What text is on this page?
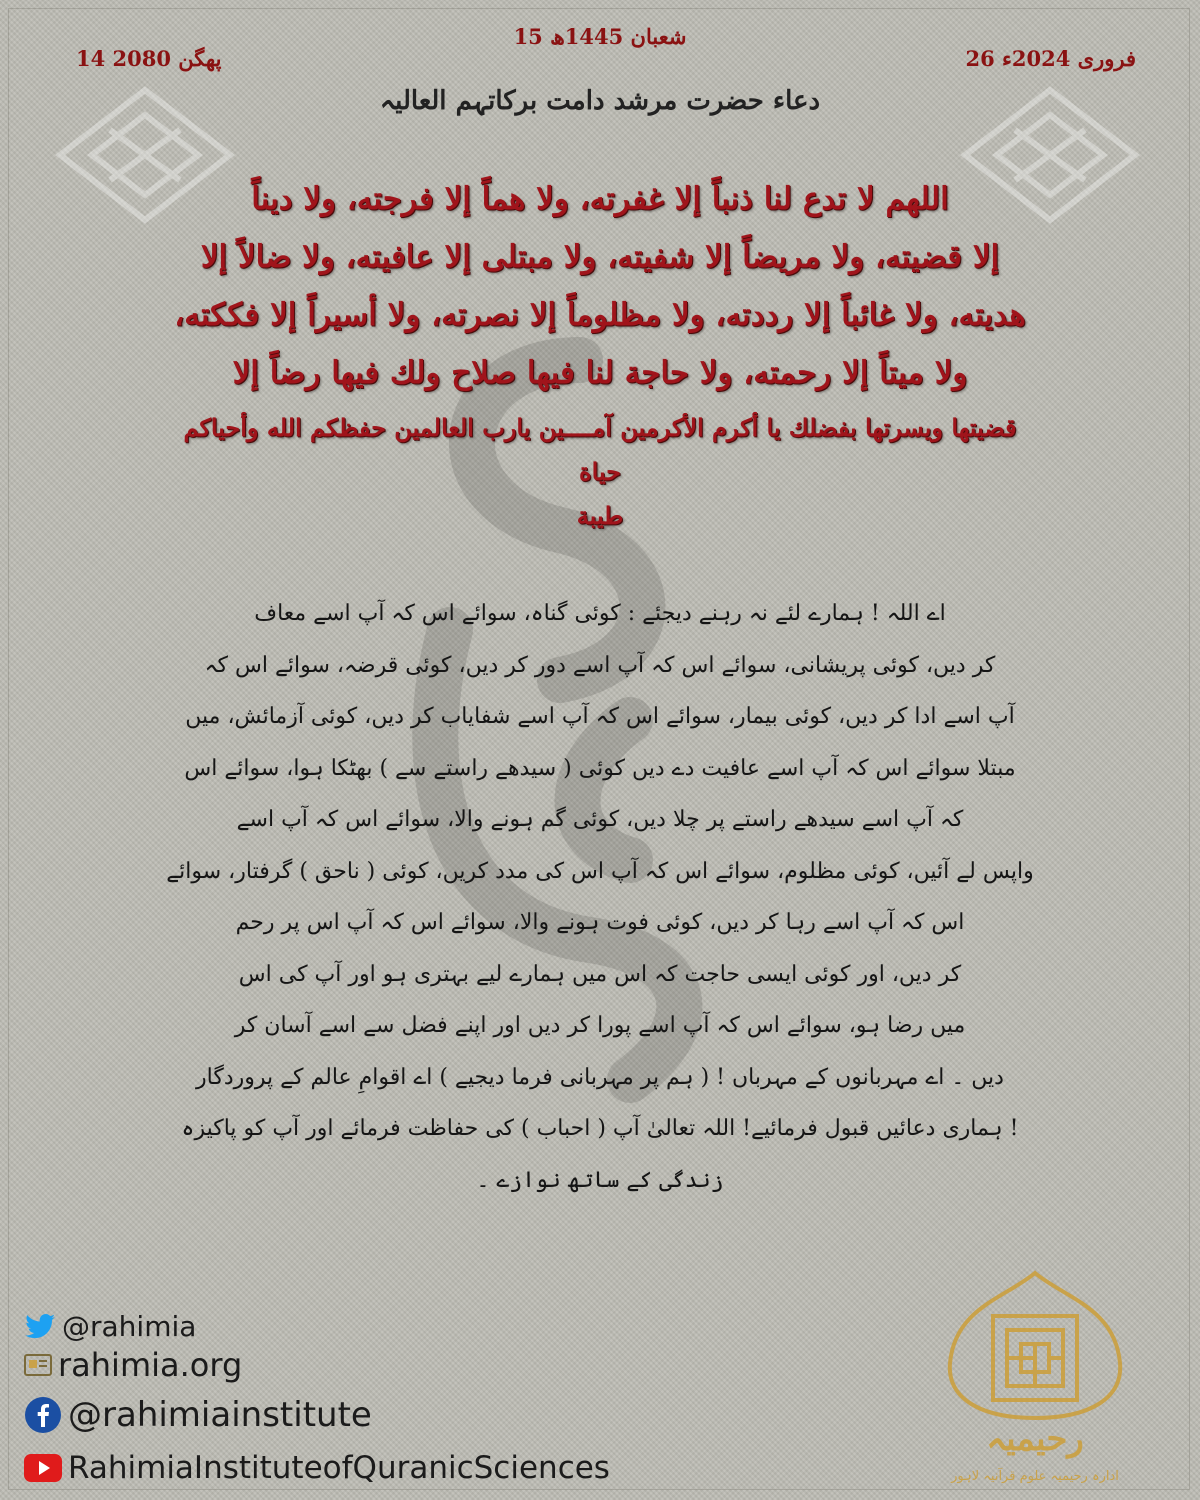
15 شعبان 1445ھ
26 فروری 2024ء
14 پھگن 2080
دعاء حضرت مرشد دامت برکاتہم العالیہ
اللهم لا تدع لنا ذنباً إلا غفرته، ولا هماً إلا فرجته، ولا ديناً
إلا قضيته، ولا مريضاً إلا شفيته، ولا مبتلى إلا عافيته، ولا ضالاً إلا
هديته، ولا غائباً إلا رددته، ولا مظلوماً إلا نصرته، ولا أسيراً إلا فككته،
ولا ميتاً إلا رحمته، ولا حاجة لنا فيها صلاح ولك فيها رضاً إلا
قضيتها ويسرتها بفضلك يا أكرم الأكرمين آمــــين يارب العالمين حفظكم الله وأحياكم حياة
طيبة
اے اللہ ! ہمارے لئے نہ رہنے دیجئے : کوئی گناہ، سوائے اس کہ آپ اسے معاف
کر دیں، کوئی پریشانی، سوائے اس کہ آپ اسے دور کر دیں، کوئی قرضہ، سوائے اس کہ
آپ اسے ادا کر دیں، کوئی بیمار، سوائے اس کہ آپ اسے شفایاب کر دیں، کوئی آزمائش، میں
مبتلا سوائے اس کہ آپ اسے عافیت دے دیں کوئی ( سیدھے راستے سے ) بھٹکا ہوا، سوائے اس
کہ آپ اسے سیدھے راستے پر چلا دیں، کوئی گم ہونے والا، سوائے اس کہ آپ اسے
واپس لے آئیں، کوئی مظلوم، سوائے اس کہ آپ اس کی مدد کریں، کوئی ( ناحق ) گرفتار، سوائے
اس کہ آپ اسے رہا کر دیں، کوئی فوت ہونے والا، سوائے اس کہ آپ اس پر رحم
کر دیں، اور کوئی ایسی حاجت کہ اس میں ہمارے لیے بہتری ہو اور آپ کی اس
میں رضا ہو، سوائے اس کہ آپ اسے پورا کر دیں اور اپنے فضل سے اسے آسان کر
دیں ۔ اے مہربانوں کے مہرباں ! ( ہم پر مہربانی فرما دیجیے ) اے اقوامِ عالم کے پروردگار
! ہماری دعائیں قبول فرمائیے! اللہ تعالیٰ آپ ( احباب ) کی حفاظت فرمائے اور آپ کو پاکیزہ
زندگی کے ساتھ نوازے ۔
@rahimia
rahimia.org
@rahimiainstitute
RahimiaInstituteofQuranicSciences
رحیمیہ
ادارہ رحیمیہ علوم قرآنیہ لاہور
